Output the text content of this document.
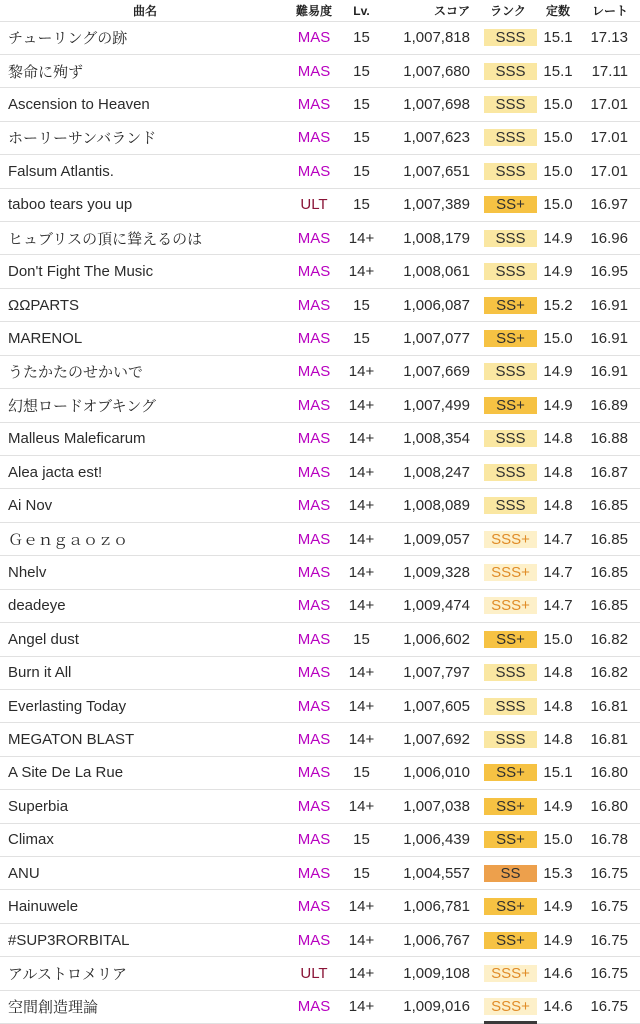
曲名	難易度	Lv.	スコア	ランク	定数	レート
チューリングの跡	MAS	15	1,007,818	SSS	15.1	17.13
黎命に殉ず	MAS	15	1,007,680	SSS	15.1	17.11
Ascension to Heaven	MAS	15	1,007,698	SSS	15.0	17.01
ホーリーサンバランド	MAS	15	1,007,623	SSS	15.0	17.01
Falsum Atlantis.	MAS	15	1,007,651	SSS	15.0	17.01
taboo tears you up	ULT	15	1,007,389	SS+	15.0	16.97
ヒュブリスの頂に聳えるのは	MAS	14+	1,008,179	SSS	14.9	16.96
Don't Fight The Music	MAS	14+	1,008,061	SSS	14.9	16.95
ΩΩPARTS	MAS	15	1,006,087	SS+	15.2	16.91
MARENOL	MAS	15	1,007,077	SS+	15.0	16.91
うたかたのせかいで	MAS	14+	1,007,669	SSS	14.9	16.91
幻想ロードオブキング	MAS	14+	1,007,499	SS+	14.9	16.89
Malleus Maleficarum	MAS	14+	1,008,354	SSS	14.8	16.88
Alea jacta est!	MAS	14+	1,008,247	SSS	14.8	16.87
Ai Nov	MAS	14+	1,008,089	SSS	14.8	16.85
Ｇｅｎｇａｏｚｏ	MAS	14+	1,009,057	SSS+	14.7	16.85
Nhelv	MAS	14+	1,009,328	SSS+	14.7	16.85
deadeye	MAS	14+	1,009,474	SSS+	14.7	16.85
Angel dust	MAS	15	1,006,602	SS+	15.0	16.82
Burn it All	MAS	14+	1,007,797	SSS	14.8	16.82
Everlasting Today	MAS	14+	1,007,605	SSS	14.8	16.81
MEGATON BLAST	MAS	14+	1,007,692	SSS	14.8	16.81
A Site De La Rue	MAS	15	1,006,010	SS+	15.1	16.80
Superbia	MAS	14+	1,007,038	SS+	14.9	16.80
Climax	MAS	15	1,006,439	SS+	15.0	16.78
ANU	MAS	15	1,004,557	SS	15.3	16.75
Hainuwele	MAS	14+	1,006,781	SS+	14.9	16.75
#SUP3RORBITAL	MAS	14+	1,006,767	SS+	14.9	16.75
アルストロメリア	ULT	14+	1,009,108	SSS+	14.6	16.75
空間創造理論	MAS	14+	1,009,016	SSS+	14.6	16.75
